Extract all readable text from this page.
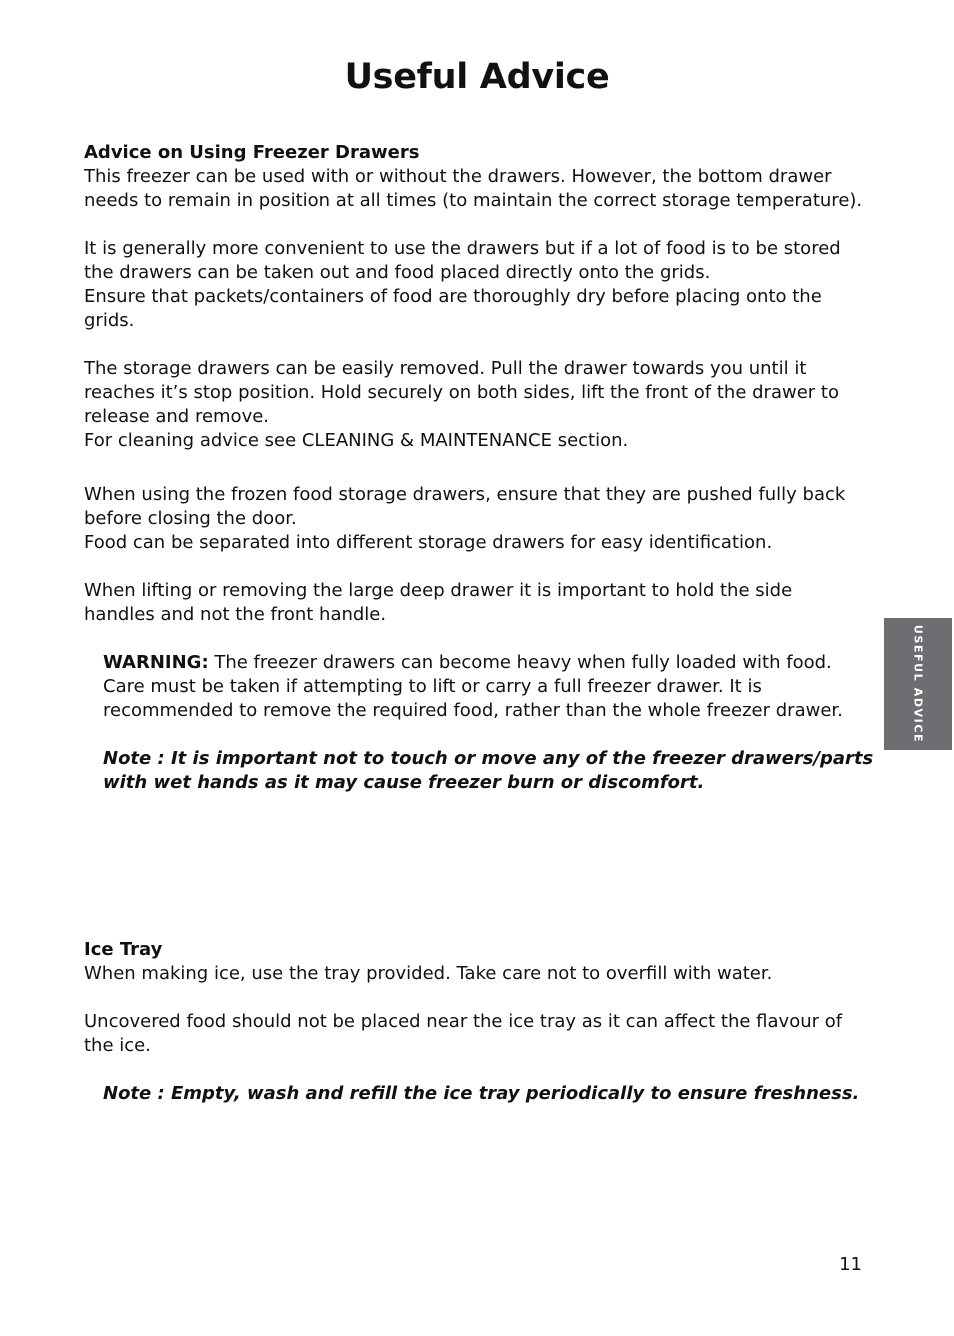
Useful Advice
Advice on Using Freezer Drawers
This freezer can be used with or without the drawers. However, the bottom drawer
needs to remain in position at all times (to maintain the correct storage temperature).
It is generally more convenient to use the drawers but if a lot of food is to be stored
the drawers can be taken out and food placed directly onto the grids.
Ensure that packets/containers of food are thoroughly dry before placing onto the
grids.
The storage drawers can be easily removed. Pull the drawer towards you until it
reaches it’s stop position. Hold securely on both sides, lift the front of the drawer to
release and remove.
For cleaning advice see CLEANING & MAINTENANCE section.
When using the frozen food storage drawers, ensure that they are pushed fully back
before closing the door.
Food can be separated into different storage drawers for easy identification.
When lifting or removing the large deep drawer it is important to hold the side
handles and not the front handle.
WARNING: The freezer drawers can become heavy when fully loaded with food.
Care must be taken if attempting to lift or carry a full freezer drawer. It is
recommended to remove the required food, rather than the whole freezer drawer.
Note : It is important not to touch or move any of the freezer drawers/parts
with wet hands as it may cause freezer burn or discomfort.
Ice Tray
When making ice, use the tray provided. Take care not to overfill with water.
Uncovered food should not be placed near the ice tray as it can affect the flavour of
the ice.
Note : Empty, wash and refill the ice tray periodically to ensure freshness.
USEFUL ADVICE
11
